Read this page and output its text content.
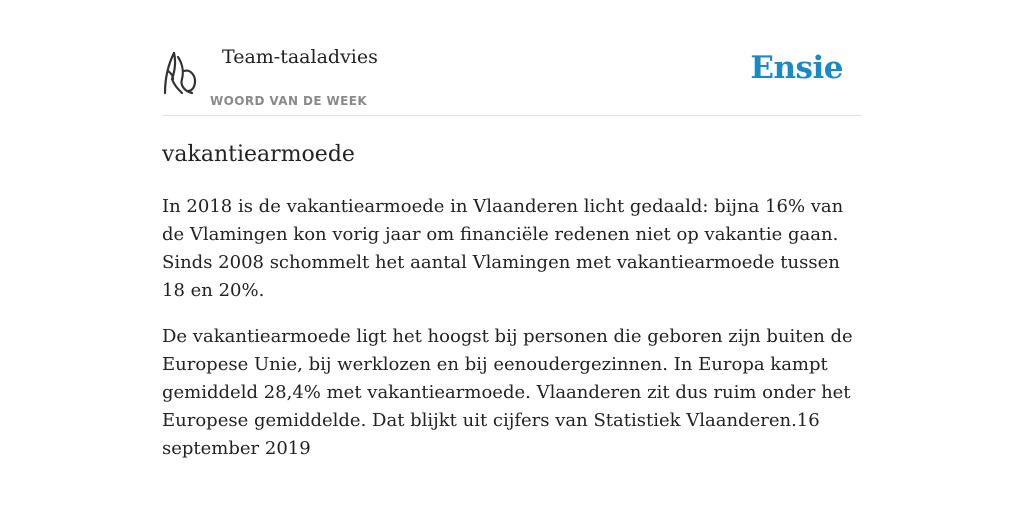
Team-taaladvies
WOORD VAN DE WEEK
Ensie
vakantiearmoede

In 2018 is de vakantiearmoede in Vlaanderen licht gedaald: bijna 16% van de Vlamingen kon vorig jaar om financiële redenen niet op vakantie gaan. Sinds 2008 schommelt het aantal Vlamingen met vakantiearmoede tussen 18 en 20%.

De vakantiearmoede ligt het hoogst bij personen die geboren zijn buiten de Europese Unie, bij werklozen en bij eenoudergezinnen. In Europa kampt gemiddeld 28,4% met vakantiearmoede. Vlaanderen zit dus ruim onder het Europese gemiddelde. Dat blijkt uit cijfers van Statistiek Vlaanderen.16 september 2019
